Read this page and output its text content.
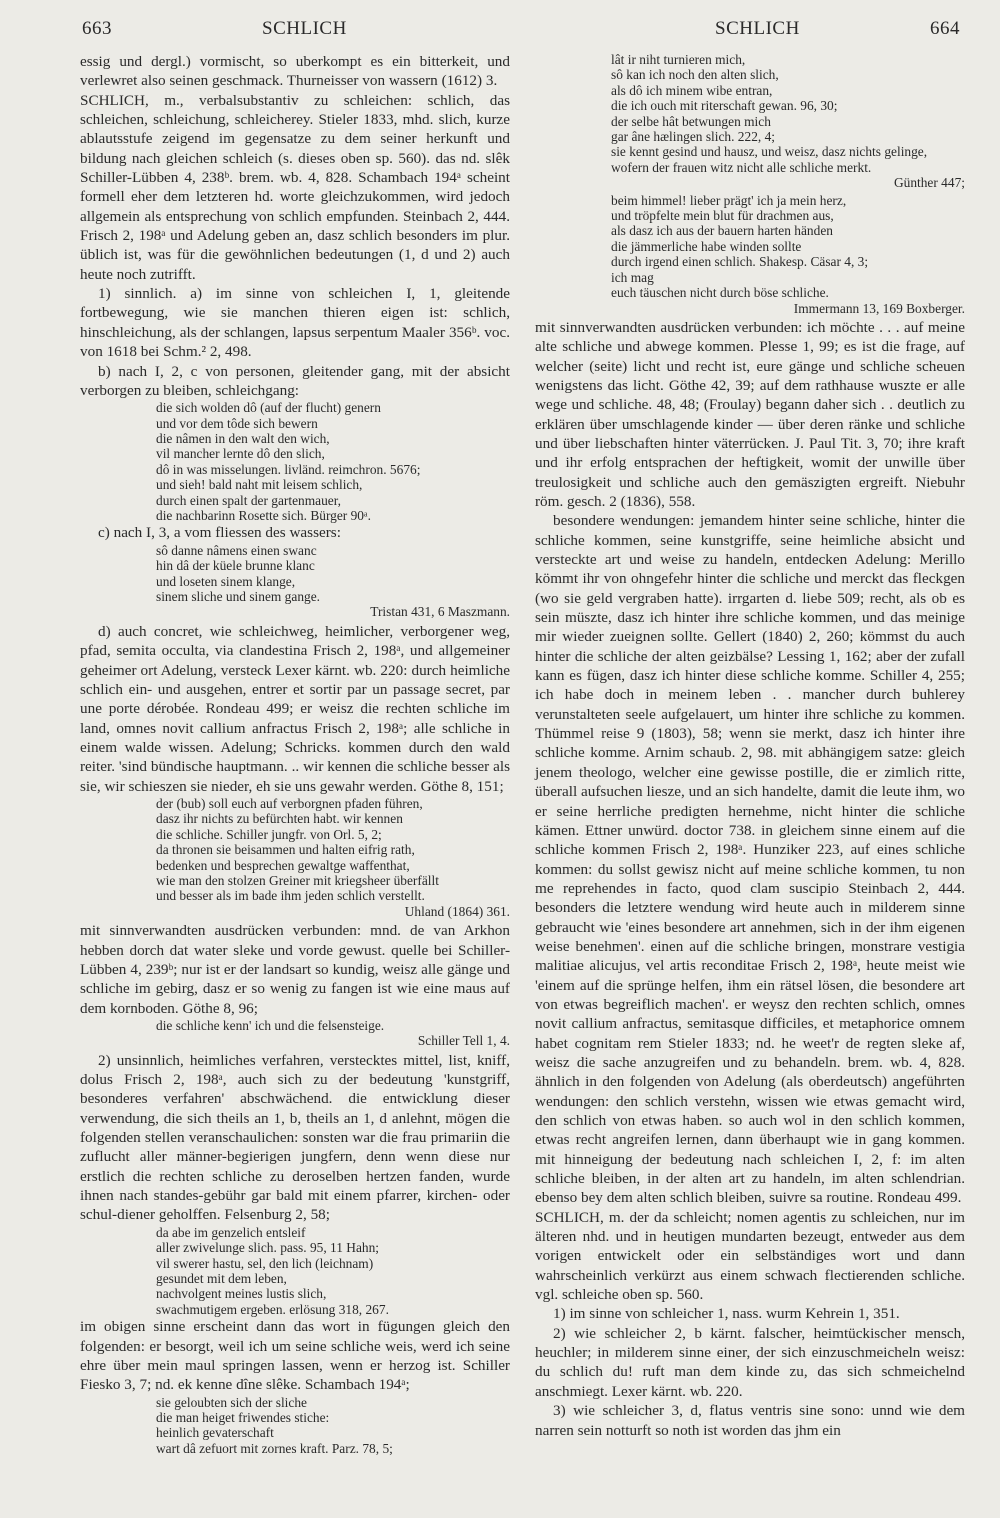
663	SCHLICH	SCHLICH	664

essig und dergl.) vormischt, so uberkompt es ein bitterkeit, und verlewret also seinen geschmack. Thurneisser von wassern (1612) 3.

SCHLICH, m., verbalsubstantiv zu schleichen: schlich, das schleichen, schleichung, schleicherey. Stieler 1833, mhd. slich, kurze ablautsstufe zeigend im gegensatze zu dem seiner herkunft und bildung nach gleichen schleich (s. dieses oben sp. 560). das nd. slêk Schiller-Lübben 4, 238ᵇ. brem. wb. 4, 828. Schambach 194ᵃ scheint formell eher dem letzteren hd. worte gleichzukommen, wird jedoch allgemein als entsprechung von schlich empfunden. Steinbach 2, 444. Frisch 2, 198ᵃ und Adelung geben an, dasz schlich besonders im plur. üblich ist, was für die gewöhnlichen bedeutungen (1, d und 2) auch heute noch zutrifft.

1) sinnlich. a) im sinne von schleichen I, 1, gleitende fortbewegung, wie sie manchen thieren eigen ist: schlich, hinschleichung, als der schlangen, lapsus serpentum Maaler 356ᵇ. voc. von 1618 bei Schm.² 2, 498.

b) nach I, 2, c von personen, gleitender gang, mit der absicht verborgen zu bleiben, schleichgang:

die sich wolden dô (auf der flucht) genern

und vor dem tôde sich bewern

die nâmen in den walt den wich,

vil mancher lernte dô den slich,

dô in was misselungen. livländ. reimchron. 5676;

und sieh! bald naht mit leisem schlich,

durch einen spalt der gartenmauer,

die nachbarinn Rosette sich. Bürger 90ᵃ.

c) nach I, 3, a vom fliessen des wassers:

sô danne nâmens einen swanc

hin dâ der küele brunne klanc

und loseten sinem klange,

sinem sliche und sinem gange.

Tristan 431, 6 Maszmann.

d) auch concret, wie schleichweg, heimlicher, verborgener weg, pfad, semita occulta, via clandestina Frisch 2, 198ᵃ, und allgemeiner geheimer ort Adelung, versteck Lexer kärnt. wb. 220: durch heimliche schlich ein- und ausgehen, entrer et sortir par un passage secret, par une porte dérobée. Rondeau 499; er weisz die rechten schliche im land, omnes novit callium anfractus Frisch 2, 198ᵃ; alle schliche in einem walde wissen. Adelung; Schricks. kommen durch den wald reiter. 'sind bündische hauptmann. .. wir kennen die schliche besser als sie, wir schieszen sie nieder, eh sie uns gewahr werden. Göthe 8, 151;

der (bub) soll euch auf verborgnen pfaden führen,

dasz ihr nichts zu befürchten habt. wir kennen

die schliche. Schiller jungfr. von Orl. 5, 2;

da thronen sie beisammen und halten eifrig rath,

bedenken und besprechen gewaltge waffenthat,

wie man den stolzen Greiner mit kriegsheer überfällt

und besser als im bade ihm jeden schlich verstellt.

Uhland (1864) 361.

mit sinnverwandten ausdrücken verbunden: mnd. de van Arkhon hebben dorch dat water sleke und vorde gewust. quelle bei Schiller-Lübben 4, 239ᵇ; nur ist er der landsart so kundig, weisz alle gänge und schliche im gebirg, dasz er so wenig zu fangen ist wie eine maus auf dem kornboden. Göthe 8, 96;

die schliche kenn' ich und die felsensteige.

Schiller Tell 1, 4.

2) unsinnlich, heimliches verfahren, verstecktes mittel, list, kniff, dolus Frisch 2, 198ᵃ, auch sich zu der bedeutung 'kunstgriff, besonderes verfahren' abschwächend. die entwicklung dieser verwendung, die sich theils an 1, b, theils an 1, d anlehnt, mögen die folgenden stellen veranschaulichen: sonsten war die frau primariin die zuflucht aller männer-begierigen jungfern, denn wenn diese nur erstlich die rechten schliche zu deroselben hertzen fanden, wurde ihnen nach standes-gebühr gar bald mit einem pfarrer, kirchen- oder schul-diener geholffen. Felsenburg 2, 58;

da abe im genzelich entsleif

aller zwivelunge slich. pass. 95, 11 Hahn;

vil swerer hastu, sel, den lich (leichnam)

gesundet mit dem leben,

nachvolgent meines lustis slich,

swachmutigem ergeben. erlösung 318, 267.

im obigen sinne erscheint dann das wort in fügungen gleich den folgenden: er besorgt, weil ich um seine schliche weis, werd ich seine ehre über mein maul springen lassen, wenn er herzog ist. Schiller Fiesko 3, 7; nd. ek kenne dîne slêke. Schambach 194ᵃ;

sie geloubten sich der sliche

die man heiget friwendes stiche:

heinlich gevaterschaft

wart dâ zefuort mit zornes kraft. Parz. 78, 5;

lât ir niht turnieren mich,

sô kan ich noch den alten slich,

als dô ich minem wibe entran,

die ich ouch mit riterschaft gewan. 96, 30;

der selbe hât betwungen mich

gar âne hælingen slich. 222, 4;

sie kennt gesind und hausz, und weisz, dasz nichts gelinge,

wofern der frauen witz nicht alle schliche merkt.

Günther 447;

beim himmel! lieber prägt' ich ja mein herz,

und tröpfelte mein blut für drachmen aus,

als dasz ich aus der bauern harten händen

die jämmerliche habe winden sollte

durch irgend einen schlich. Shakesp. Cäsar 4, 3;

ich mag

euch täuschen nicht durch böse schliche.

Immermann 13, 169 Boxberger.

mit sinnverwandten ausdrücken verbunden: ich möchte . . . auf meine alte schliche und abwege kommen. Plesse 1, 99; es ist die frage, auf welcher (seite) licht und recht ist, eure gänge und schliche scheuen wenigstens das licht. Göthe 42, 39; auf dem rathhause wuszte er alle wege und schliche. 48, 48; (Froulay) begann daher sich . . deutlich zu erklären über umschlagende kinder — über deren ränke und schliche und über liebschaften hinter väterrücken. J. Paul Tit. 3, 70; ihre kraft und ihr erfolg entsprachen der heftigkeit, womit der unwille über treulosigkeit und schliche auch den gemäszigten ergreift. Niebuhr röm. gesch. 2 (1836), 558.

besondere wendungen: jemandem hinter seine schliche, hinter die schliche kommen, seine kunstgriffe, seine heimliche absicht und versteckte art und weise zu handeln, entdecken Adelung: Merillo kömmt ihr von ohngefehr hinter die schliche und merckt das fleckgen (wo sie geld vergraben hatte). irrgarten d. liebe 509; recht, als ob es sein müszte, dasz ich hinter ihre schliche kommen, und das meinige mir wieder zueignen sollte. Gellert (1840) 2, 260; kömmst du auch hinter die schliche der alten geizbälse? Lessing 1, 162; aber der zufall kann es fügen, dasz ich hinter diese schliche komme. Schiller 4, 255; ich habe doch in meinem leben . . mancher durch buhlerey verunstalteten seele aufgelauert, um hinter ihre schliche zu kommen. Thümmel reise 9 (1803), 58; wenn sie merkt, dasz ich hinter ihre schliche komme. Arnim schaub. 2, 98. mit abhängigem satze: gleich jenem theologo, welcher eine gewisse postille, die er zimlich ritte, überall aufsuchen liesze, und an sich handelte, damit die leute ihm, wo er seine herrliche predigten hernehme, nicht hinter die schliche kämen. Ettner unwürd. doctor 738. in gleichem sinne einem auf die schliche kommen Frisch 2, 198ᵃ. Hunziker 223, auf eines schliche kommen: du sollst gewisz nicht auf meine schliche kommen, tu non me reprehendes in facto, quod clam suscipio Steinbach 2, 444. besonders die letztere wendung wird heute auch in milderem sinne gebraucht wie 'eines besondere art annehmen, sich in der ihm eigenen weise benehmen'. einen auf die schliche bringen, monstrare vestigia malitiae alicujus, vel artis reconditae Frisch 2, 198ᵃ, heute meist wie 'einem auf die sprünge helfen, ihm ein rätsel lösen, die besondere art von etwas begreiflich machen'. er weysz den rechten schlich, omnes novit callium anfractus, semitasque difficiles, et metaphorice omnem habet cognitam rem Stieler 1833; nd. he weet'r de regten sleke af, weisz die sache anzugreifen und zu behandeln. brem. wb. 4, 828. ähnlich in den folgenden von Adelung (als oberdeutsch) angeführten wendungen: den schlich verstehn, wissen wie etwas gemacht wird, den schlich von etwas haben. so auch wol in den schlich kommen, etwas recht angreifen lernen, dann überhaupt wie in gang kommen. mit hinneigung der bedeutung nach schleichen I, 2, f: im alten schliche bleiben, in der alten art zu handeln, im alten schlendrian. ebenso bey dem alten schlich bleiben, suivre sa routine. Rondeau 499.

SCHLICH, m. der da schleicht; nomen agentis zu schleichen, nur im älteren nhd. und in heutigen mundarten bezeugt, entweder aus dem vorigen entwickelt oder ein selbständiges wort und dann wahrscheinlich verkürzt aus einem schwach flectierenden schliche. vgl. schleiche oben sp. 560.

1) im sinne von schleicher 1, nass. wurm Kehrein 1, 351.

2) wie schleicher 2, b kärnt. falscher, heimtückischer mensch, heuchler; in milderem sinne einer, der sich einzuschmeicheln weisz: du schlich du! ruft man dem kinde zu, das sich schmeichelnd anschmiegt. Lexer kärnt. wb. 220.

3) wie schleicher 3, d, flatus ventris sine sono: unnd wie dem narren sein notturft so noth ist worden das jhm ein
